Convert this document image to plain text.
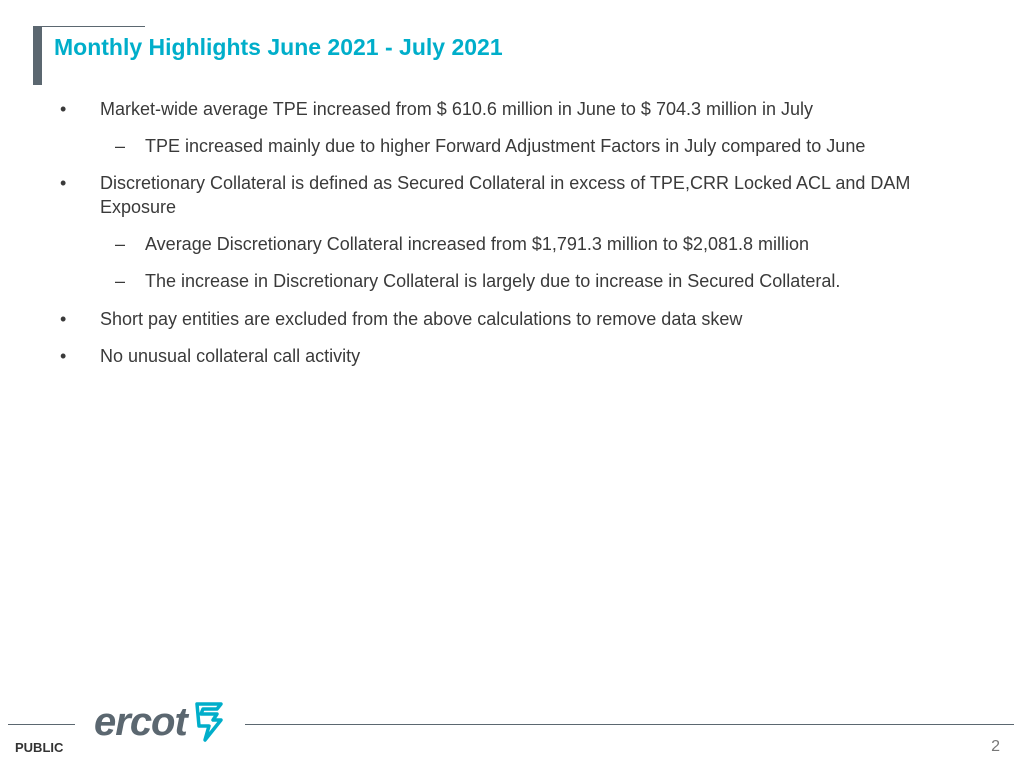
Monthly Highlights June 2021 - July 2021
• Market-wide average TPE increased from $ 610.6 million in June to $ 704.3 million in July
– TPE increased mainly due to higher Forward Adjustment Factors in July compared to June
• Discretionary Collateral is defined as Secured Collateral in excess of TPE,CRR Locked ACL and DAM
Exposure
– Average Discretionary Collateral increased from $1,791.3 million to $2,081.8 million
– The increase in Discretionary Collateral is largely due to increase in Secured Collateral.
• Short pay entities are excluded from the above calculations to remove data skew
• No unusual collateral call activity
ercot
PUBLIC	2
